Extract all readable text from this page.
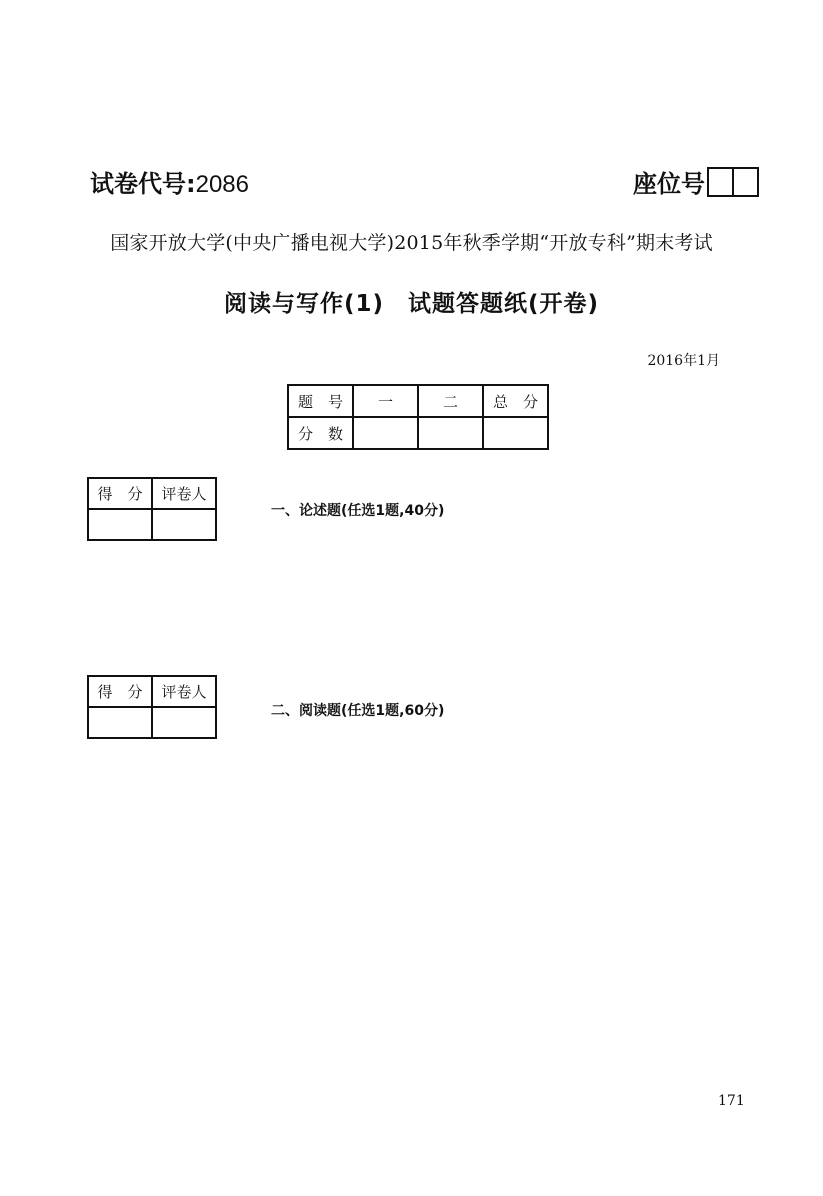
试卷代号:2086	座位号
国家开放大学(中央广播电视大学)2015年秋季学期“开放专科”期末考试
阅读与写作(1)　试题答题纸(开卷)
2016年1月
题　号	一	二	总　分
分　数			
得　分	评卷人

一、论述题(任选1题,40分)
得　分	评卷人

二、阅读题(任选1题,60分)
171
